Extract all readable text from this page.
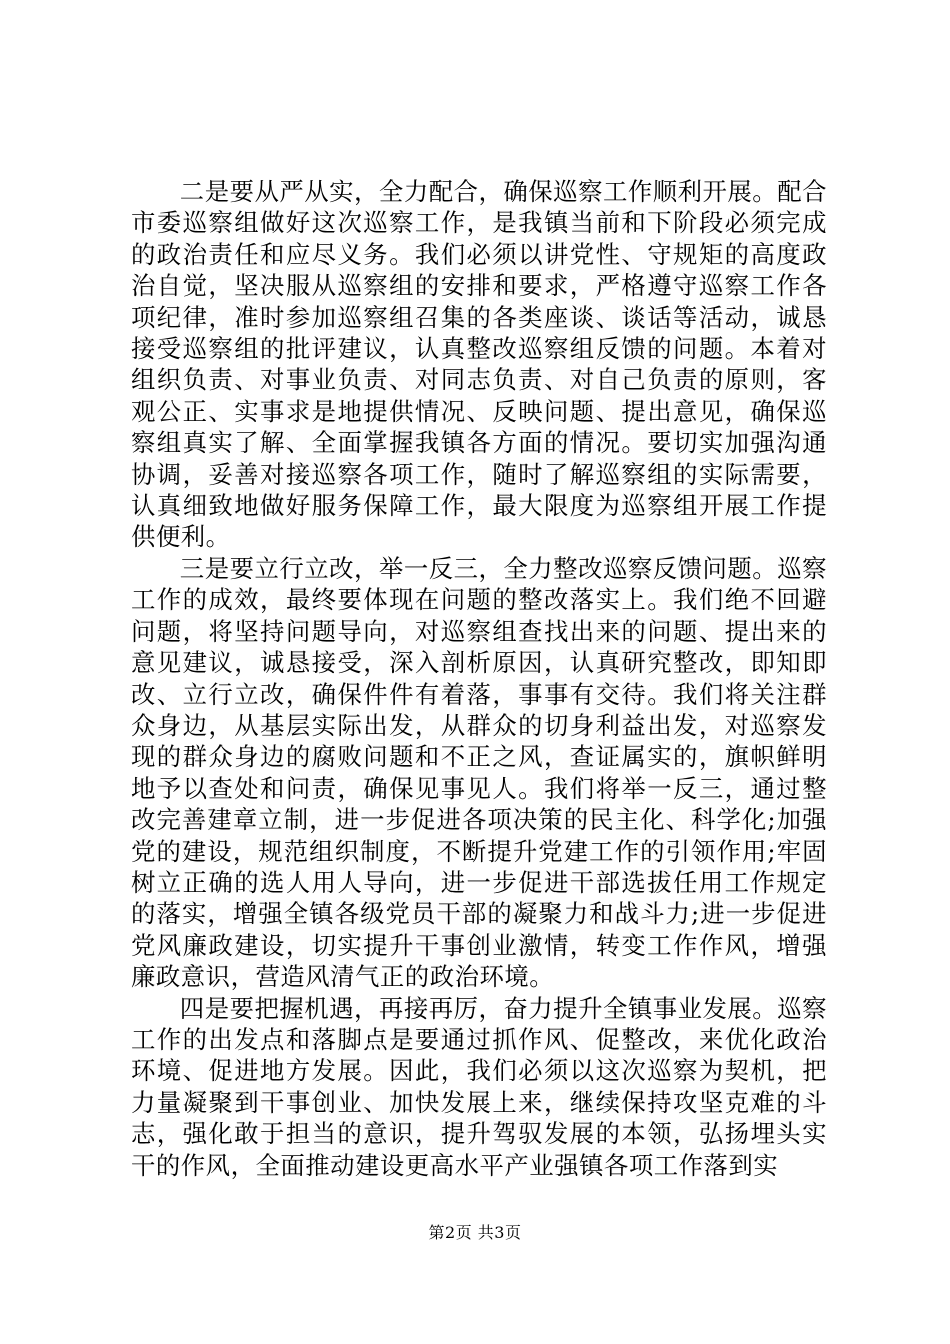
二是要从严从实，全力配合，确保巡察工作顺利开展。配合市委巡察组做好这次巡察工作，是我镇当前和下阶段必须完成的政治责任和应尽义务。我们必须以讲党性、守规矩的高度政治自觉，坚决服从巡察组的安排和要求，严格遵守巡察工作各项纪律，准时参加巡察组召集的各类座谈、谈话等活动，诚恳接受巡察组的批评建议，认真整改巡察组反馈的问题。本着对组织负责、对事业负责、对同志负责、对自己负责的原则，客观公正、实事求是地提供情况、反映问题、提出意见，确保巡察组真实了解、全面掌握我镇各方面的情况。要切实加强沟通协调，妥善对接巡察各项工作，随时了解巡察组的实际需要，认真细致地做好服务保障工作，最大限度为巡察组开展工作提供便利。

三是要立行立改，举一反三，全力整改巡察反馈问题。巡察工作的成效，最终要体现在问题的整改落实上。我们绝不回避问题，将坚持问题导向，对巡察组查找出来的问题、提出来的意见建议，诚恳接受，深入剖析原因，认真研究整改，即知即改、立行立改，确保件件有着落，事事有交待。我们将关注群众身边，从基层实际出发，从群众的切身利益出发，对巡察发现的群众身边的腐败问题和不正之风，查证属实的，旗帜鲜明地予以查处和问责，确保见事见人。我们将举一反三，通过整改完善建章立制，进一步促进各项决策的民主化、科学化;加强党的建设，规范组织制度，不断提升党建工作的引领作用;牢固树立正确的选人用人导向，进一步促进干部选拔任用工作规定的落实，增强全镇各级党员干部的凝聚力和战斗力;进一步促进党风廉政建设，切实提升干事创业激情，转变工作作风，增强廉政意识，营造风清气正的政治环境。

四是要把握机遇，再接再厉，奋力提升全镇事业发展。巡察工作的出发点和落脚点是要通过抓作风、促整改，来优化政治环境、促进地方发展。因此，我们必须以这次巡察为契机，把力量凝聚到干事创业、加快发展上来，继续保持攻坚克难的斗志，强化敢于担当的意识，提升驾驭发展的本领，弘扬埋头实干的作风，全面推动建设更高水平产业强镇各项工作落到实

第2页 共3页
